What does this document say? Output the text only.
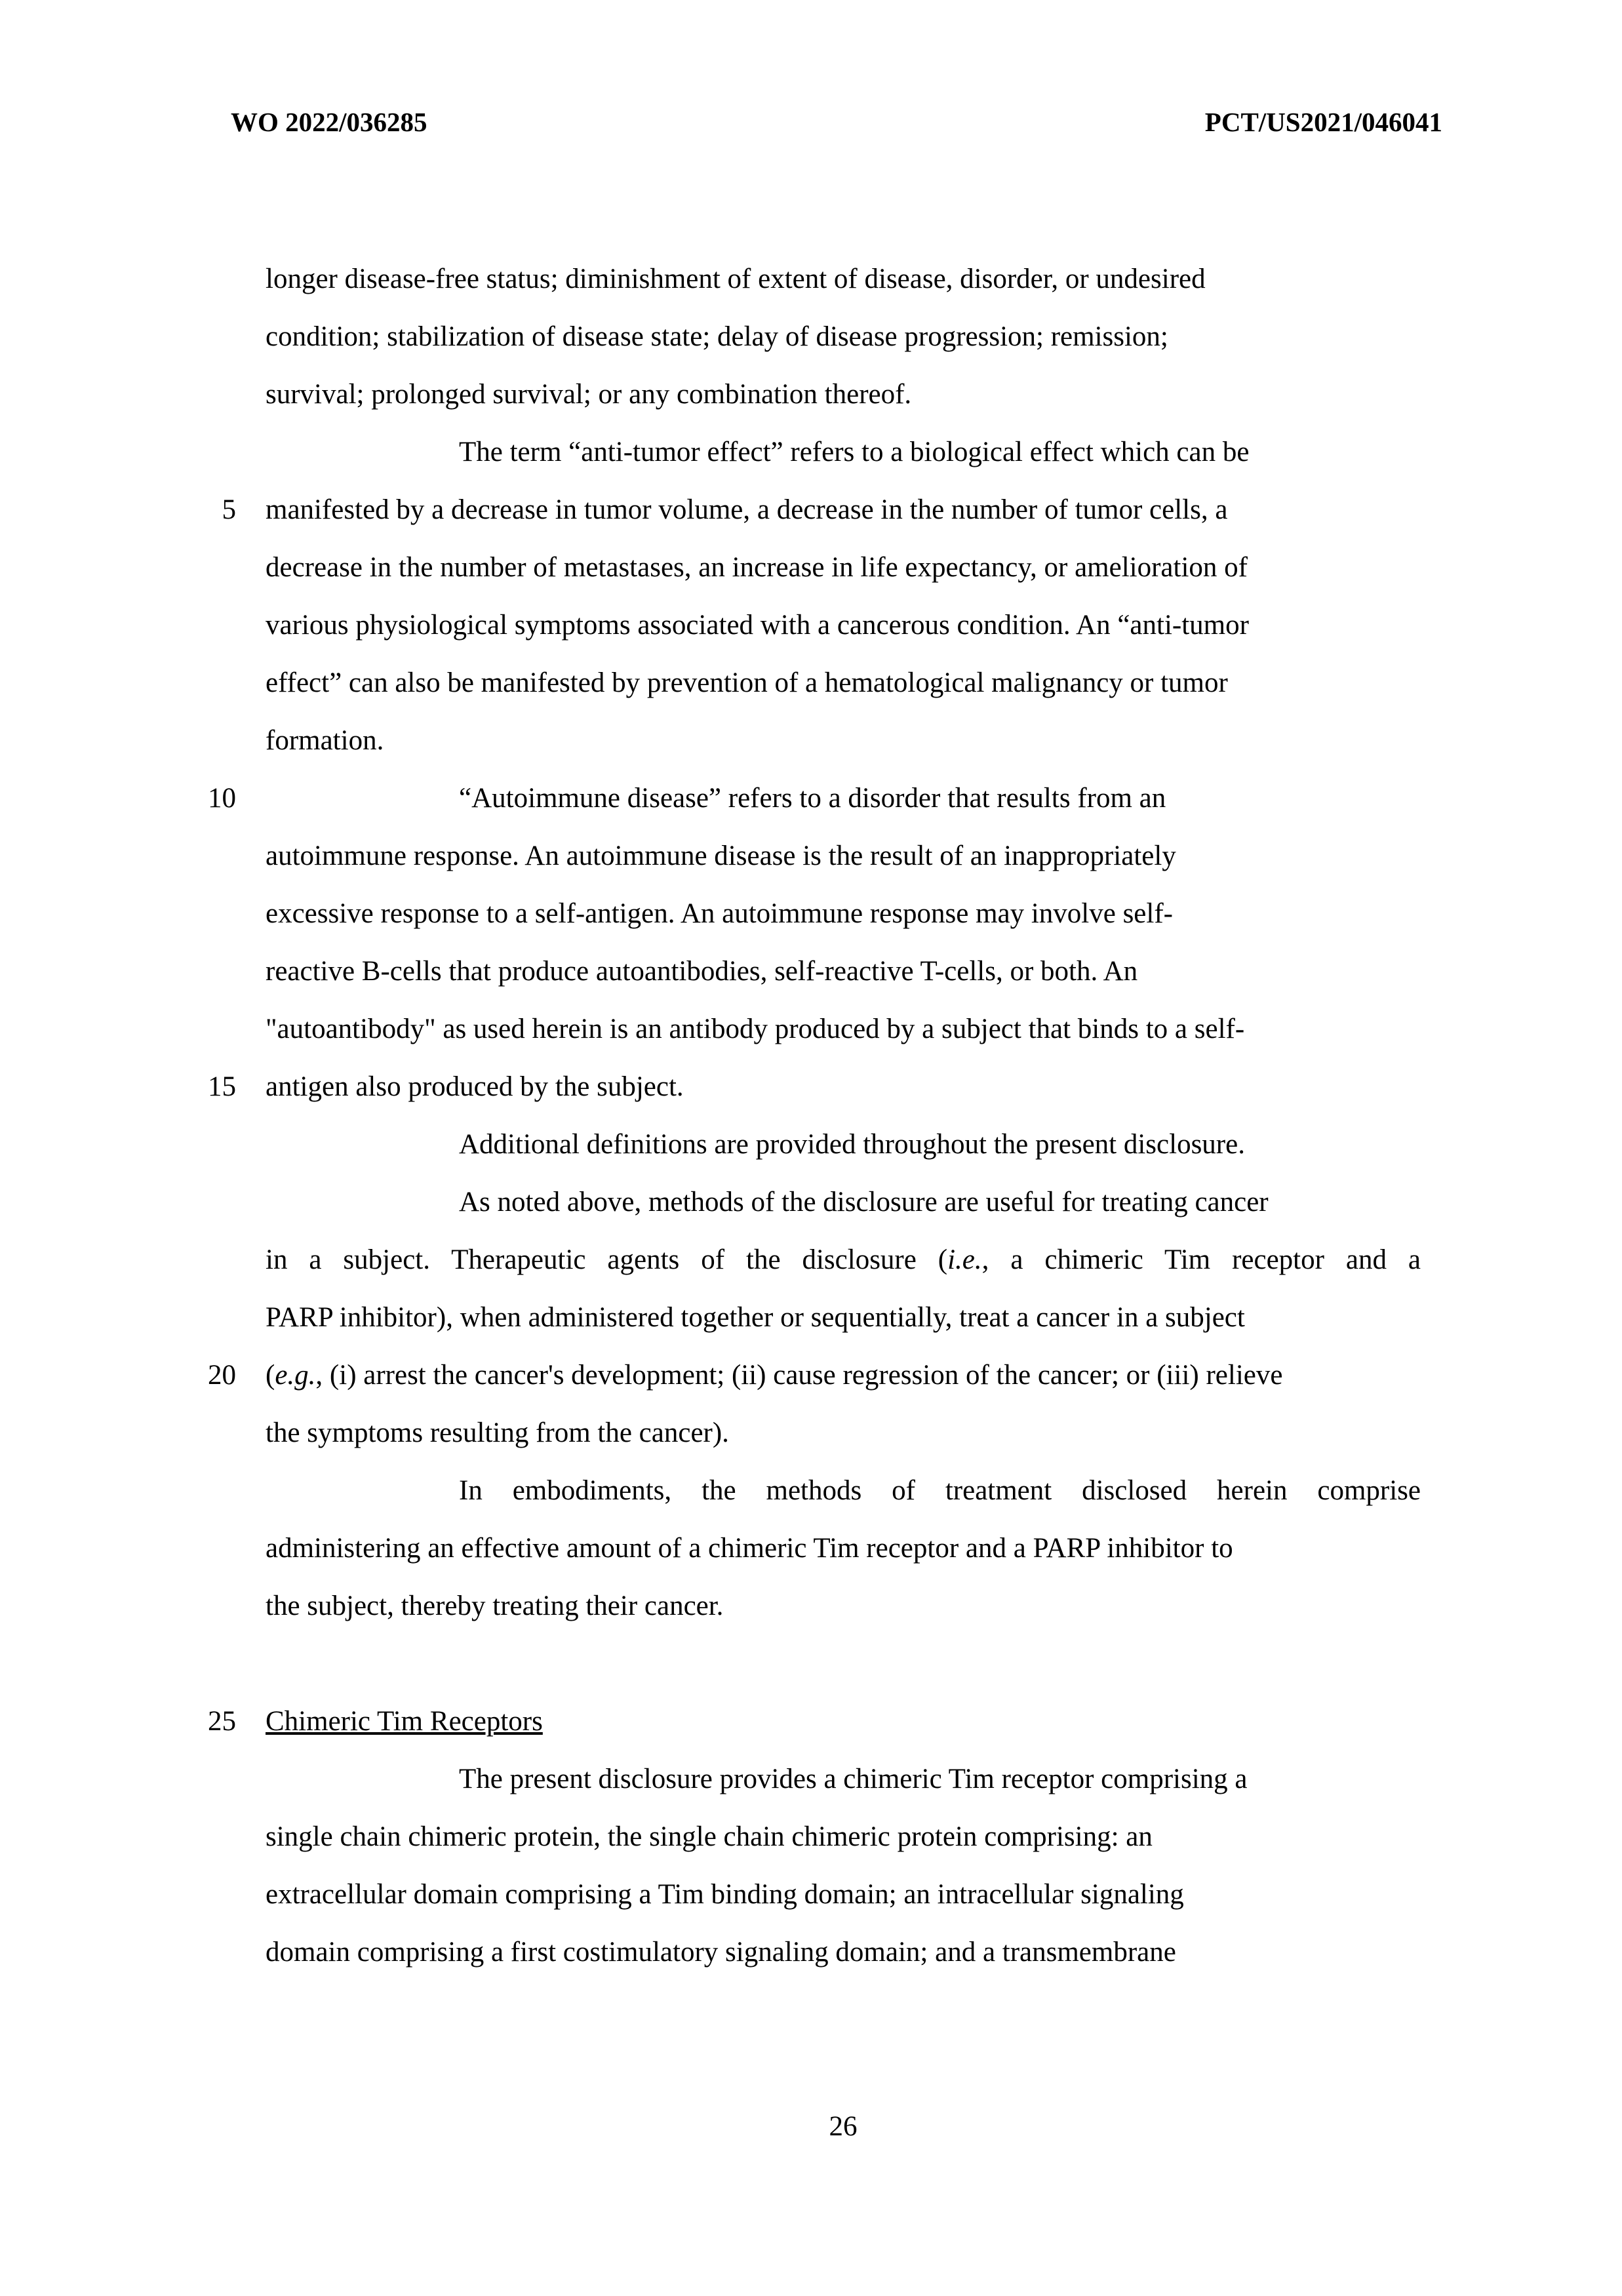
WO 2022/036285	PCT/US2021/046041
longer disease-free status; diminishment of extent of disease, disorder, or undesired
condition; stabilization of disease state; delay of disease progression; remission;
survival; prolonged survival; or any combination thereof.
The term “anti-tumor effect” refers to a biological effect which can be
5 manifested by a decrease in tumor volume, a decrease in the number of tumor cells, a
decrease in the number of metastases, an increase in life expectancy, or amelioration of
various physiological symptoms associated with a cancerous condition. An “anti-tumor
effect” can also be manifested by prevention of a hematological malignancy or tumor
formation.
10	“Autoimmune disease” refers to a disorder that results from an
autoimmune response. An autoimmune disease is the result of an inappropriately
excessive response to a self-antigen. An autoimmune response may involve self-
reactive B-cells that produce autoantibodies, self-reactive T-cells, or both. An
"autoantibody" as used herein is an antibody produced by a subject that binds to a self-
15 antigen also produced by the subject.
Additional definitions are provided throughout the present disclosure.
As noted above, methods of the disclosure are useful for treating cancer
in a subject. Therapeutic agents of the disclosure (i.e., a chimeric Tim receptor and a
PARP inhibitor), when administered together or sequentially, treat a cancer in a subject
20 (e.g., (i) arrest the cancer's development; (ii) cause regression of the cancer; or (iii) relieve
the symptoms resulting from the cancer).
In embodiments, the methods of treatment disclosed herein comprise
administering an effective amount of a chimeric Tim receptor and a PARP inhibitor to
the subject, thereby treating their cancer.
25 Chimeric Tim Receptors
The present disclosure provides a chimeric Tim receptor comprising a
single chain chimeric protein, the single chain chimeric protein comprising: an
extracellular domain comprising a Tim binding domain; an intracellular signaling
domain comprising a first costimulatory signaling domain; and a transmembrane
26
